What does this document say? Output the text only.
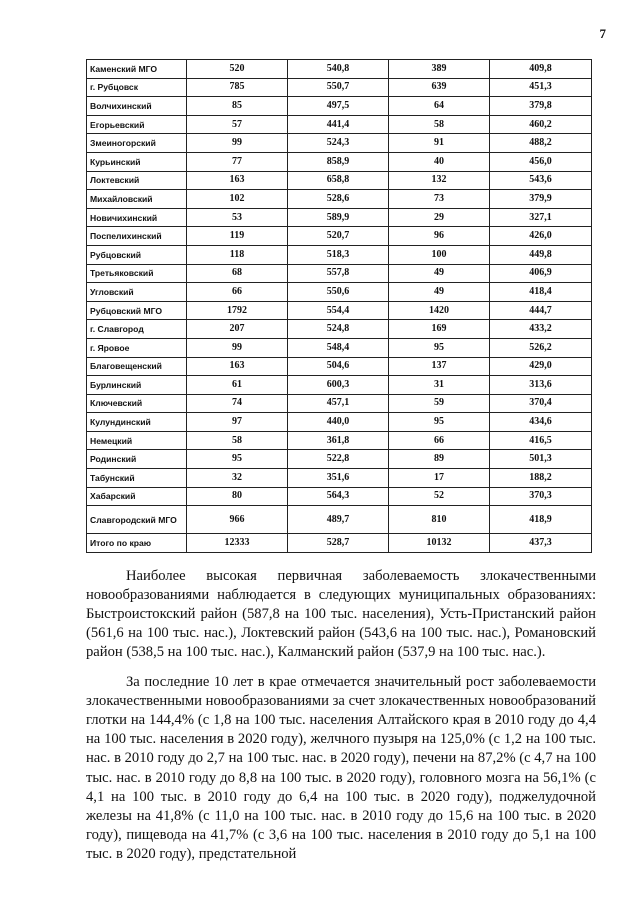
7
Каменский МГО	520	540,8	389	409,8
г. Рубцовск	785	550,7	639	451,3
Волчихинский	85	497,5	64	379,8
Егорьевский	57	441,4	58	460,2
Змеиногорский	99	524,3	91	488,2
Курьинский	77	858,9	40	456,0
Локтевский	163	658,8	132	543,6
Михайловский	102	528,6	73	379,9
Новичихинский	53	589,9	29	327,1
Поспелихинский	119	520,7	96	426,0
Рубцовский	118	518,3	100	449,8
Третьяковский	68	557,8	49	406,9
Угловский	66	550,6	49	418,4
Рубцовский МГО	1792	554,4	1420	444,7
г. Славгород	207	524,8	169	433,2
г. Яровое	99	548,4	95	526,2
Благовещенский	163	504,6	137	429,0
Бурлинский	61	600,3	31	313,6
Ключевский	74	457,1	59	370,4
Кулундинский	97	440,0	95	434,6
Немецкий	58	361,8	66	416,5
Родинский	95	522,8	89	501,3
Табунский	32	351,6	17	188,2
Хабарский	80	564,3	52	370,3
Славгородский МГО	966	489,7	810	418,9
Итого по краю	12333	528,7	10132	437,3

Наиболее высокая первичная заболеваемость злокачественными новообразованиями наблюдается в следующих муниципальных образованиях: Быстроистокский район (587,8 на 100 тыс. населения), Усть-Пристанский район (561,6 на 100 тыс. нас.), Локтевский район (543,6 на 100 тыс. нас.), Романовский район (538,5 на 100 тыс. нас.), Калманский район (537,9 на 100 тыс. нас.).

За последние 10 лет в крае отмечается значительный рост заболеваемости злокачественными новообразованиями за счет злокачественных новообразований глотки на 144,4% (с 1,8 на 100 тыс. населения Алтайского края в 2010 году до 4,4 на 100 тыс. населения в 2020 году), желчного пузыря на 125,0% (с 1,2 на 100 тыс. нас. в 2010 году до 2,7 на 100 тыс. нас. в 2020 году), печени на 87,2% (с 4,7 на 100 тыс. нас. в 2010 году до 8,8 на 100 тыс. в 2020 году), головного мозга на 56,1% (с 4,1 на 100 тыс. в 2010 году до 6,4 на 100 тыс. в 2020 году), поджелудочной железы на 41,8% (с 11,0 на 100 тыс. нас. в 2010 году до 15,6 на 100 тыс. в 2020 году), пищевода на 41,7% (с 3,6 на 100 тыс. населения в 2010 году до 5,1 на 100 тыс. в 2020 году), предстательной
